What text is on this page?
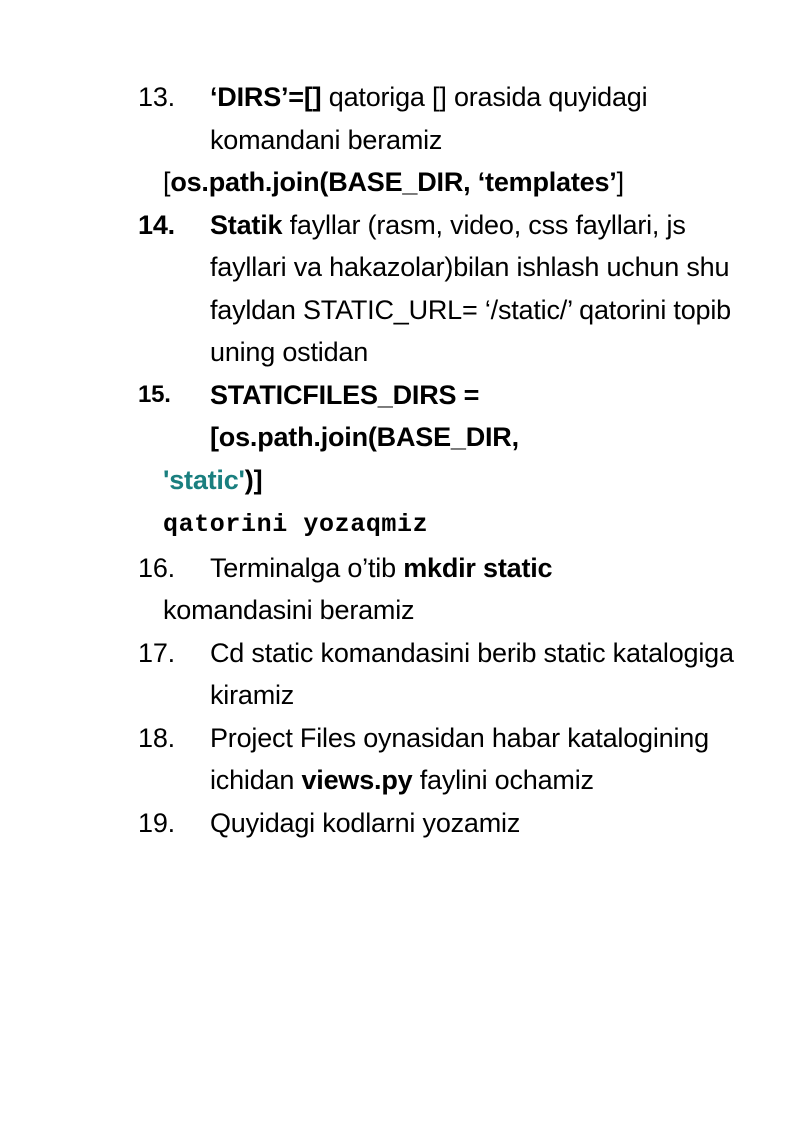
13.	‘DIRS’=[] qatoriga [] orasida quyidagi komandani beramiz[os.path.join(BASE_DIR, ‘templates’]
14.	Statik fayllar (rasm, video, css fayllari, js fayllari va hakazolar)bilan ishlash uchun shu fayldan STATIC_URL= ‘/static/’ qatorini topib uning ostidan
15.	STATICFILES_DIRS = [os.path.join(BASE_DIR,'static')]
qatorini yozaqmiz
16.	Terminalga o’tib mkdir static
komandasini beramiz
17.	Cd static komandasini berib static katalogiga kiramiz
18.	Project Files oynasidan habar katalogining ichidan views.py faylini ochamiz
19.	Quyidagi kodlarni yozamiz
